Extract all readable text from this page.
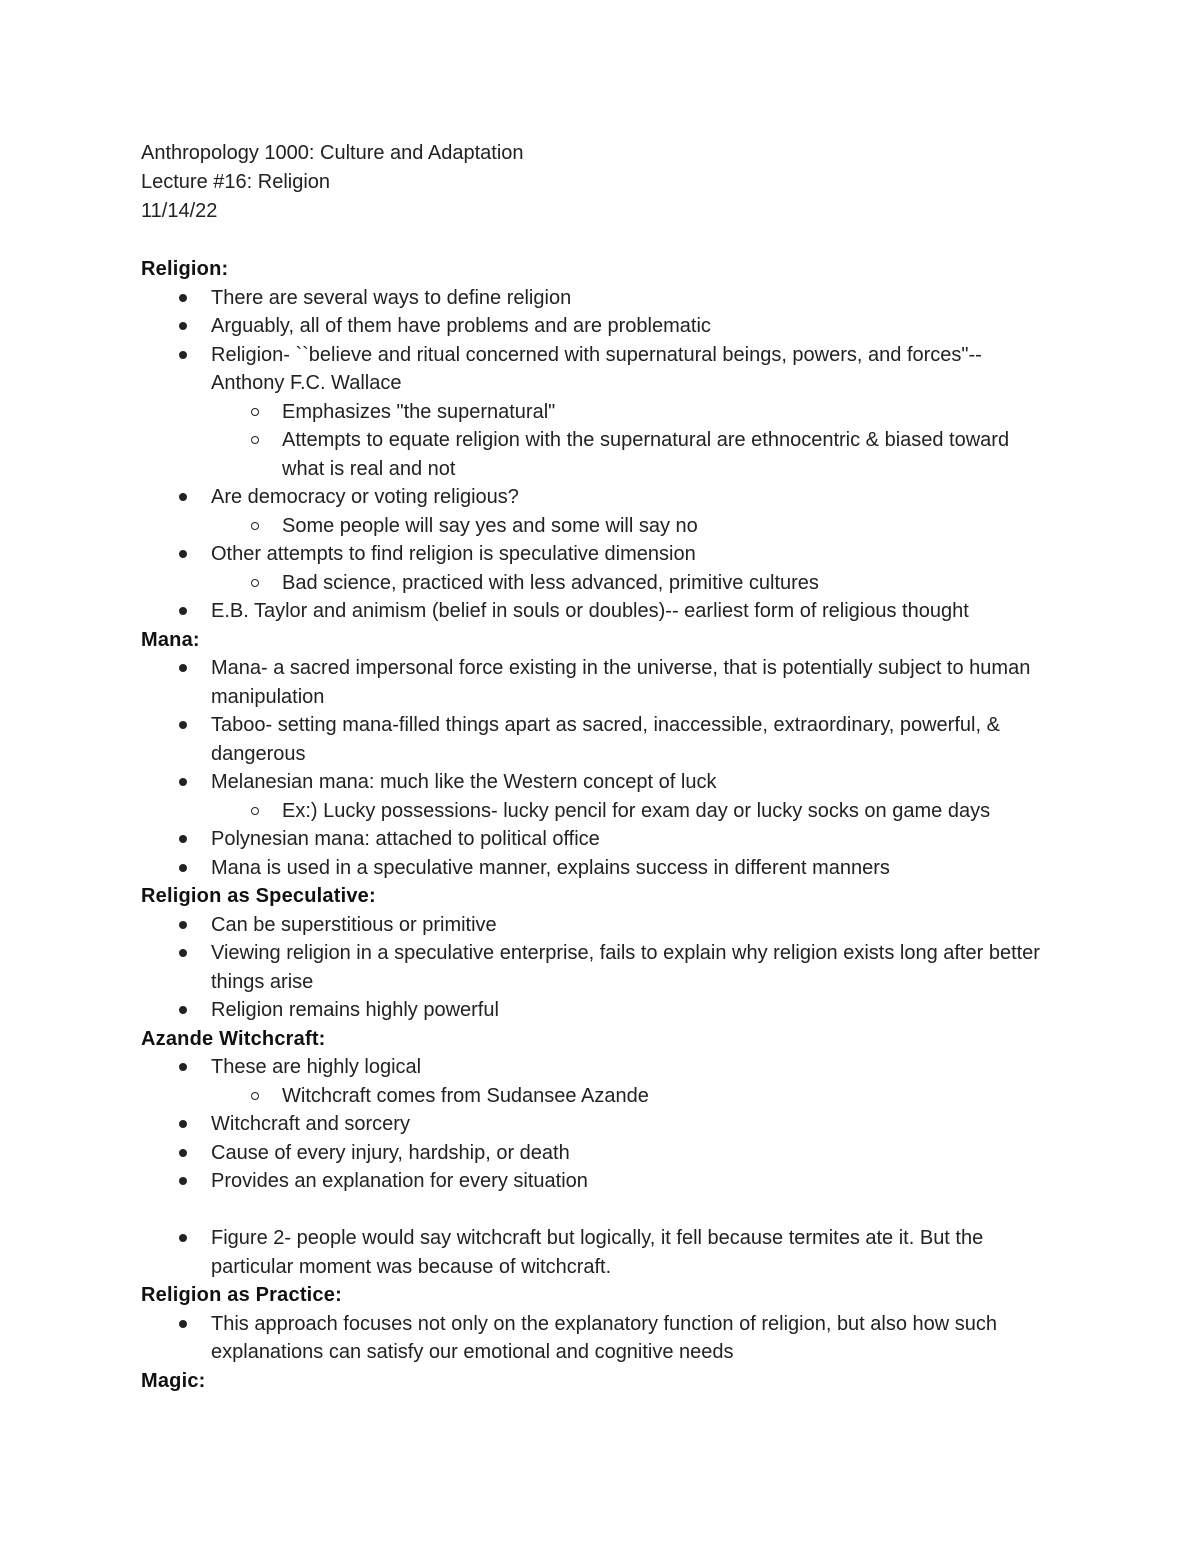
Anthropology 1000: Culture and Adaptation
Lecture #16: Religion
11/14/22
Religion:
There are several ways to define religion
Arguably, all of them have problems and are problematic
Religion- ``believe and ritual concerned with supernatural beings, powers, and forces"-- Anthony F.C. Wallace
Emphasizes "the supernatural"
Attempts to equate religion with the supernatural are ethnocentric & biased toward what is real and not
Are democracy or voting religious?
Some people will say yes and some will say no
Other attempts to find religion is speculative dimension
Bad science, practiced with less advanced, primitive cultures
E.B. Taylor and animism (belief in souls or doubles)-- earliest form of religious thought
Mana:
Mana- a sacred impersonal force existing in the universe, that is potentially subject to human manipulation
Taboo- setting mana-filled things apart as sacred, inaccessible, extraordinary, powerful, & dangerous
Melanesian mana: much like the Western concept of luck
Ex:) Lucky possessions- lucky pencil for exam day or lucky socks on game days
Polynesian mana: attached to political office
Mana is used in a speculative manner, explains success in different manners
Religion as Speculative:
Can be superstitious or primitive
Viewing religion in a speculative enterprise, fails to explain why religion exists long after better things arise
Religion remains highly powerful
Azande Witchcraft:
These are highly logical
Witchcraft comes from Sudansee Azande
Witchcraft and sorcery
Cause of every injury, hardship, or death
Provides an explanation for every situation
Figure 2- people would say witchcraft but logically, it fell because termites ate it. But the particular moment was because of witchcraft.
Religion as Practice:
This approach focuses not only on the explanatory function of religion, but also how such explanations can satisfy our emotional and cognitive needs
Magic:
